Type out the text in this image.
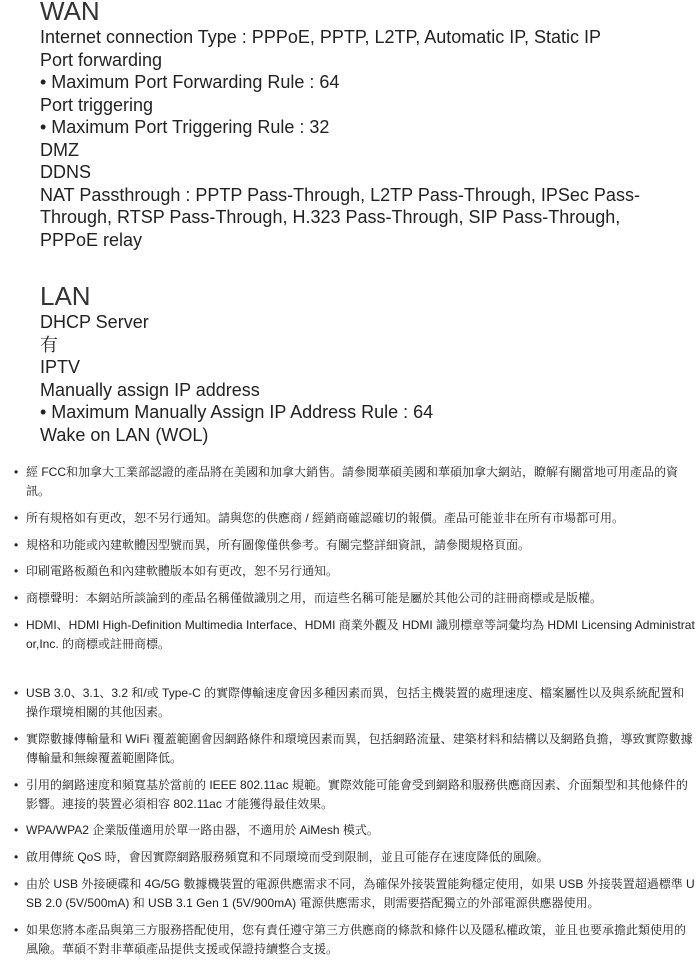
WAN
Internet connection Type : PPPoE, PPTP, L2TP, Automatic IP, Static IP
Port forwarding
• Maximum Port Forwarding Rule : 64
Port triggering
• Maximum Port Triggering Rule : 32
DMZ
DDNS
NAT Passthrough : PPTP Pass-Through, L2TP Pass-Through, IPSec Pass-Through, RTSP Pass-Through, H.323 Pass-Through, SIP Pass-Through, PPPoE relay
LAN
DHCP Server
有
IPTV
Manually assign IP address
• Maximum Manually Assign IP Address Rule : 64
Wake on LAN (WOL)
• 經 FCC和加拿大工業部認證的產品將在美國和加拿大銷售。請參閱華碩美國和華碩加拿大網站，瞭解有關當地可用產品的資訊。
• 所有規格如有更改，恕不另行通知。請與您的供應商 / 經銷商確認確切的報價。產品可能並非在所有市場都可用。
• 規格和功能或內建軟體因型號而異，所有圖像僅供參考。有關完整詳細資訊，請參閱規格頁面。
• 印刷電路板顏色和內建軟體版本如有更改，恕不另行通知。
• 商標聲明：本網站所談論到的產品名稱僅做識別之用，而這些名稱可能是屬於其他公司的註冊商標或是版權。
• HDMI、HDMI High-Definition Multimedia Interface、HDMI 商業外觀及 HDMI 識別標章等詞彙均為 HDMI Licensing Administrator,Inc. 的商標或註冊商標。
• USB 3.0、3.1、3.2 和/或 Type-C 的實際傳輸速度會因多種因素而異，包括主機裝置的處理速度、檔案屬性以及與系統配置和操作環境相關的其他因素。
• 實際數據傳輸量和 WiFi 覆蓋範圍會因網路條件和環境因素而異，包括網路流量、建築材料和結構以及網路負擔，導致實際數據傳輸量和無線覆蓋範圍降低。
• 引用的網路速度和頻寬基於當前的 IEEE 802.11ac 規範。實際效能可能會受到網路和服務供應商因素、介面類型和其他條件的影響。連接的裝置必須相容 802.11ac 才能獲得最佳效果。
• WPA/WPA2 企業版僅適用於單一路由器，不適用於 AiMesh 模式。
• 啟用傳統 QoS 時，會因實際網路服務頻寬和不同環境而受到限制，並且可能存在速度降低的風險。
• 由於 USB 外接硬碟和 4G/5G 數據機裝置的電源供應需求不同，為確保外接裝置能夠穩定使用，如果 USB 外接裝置超過標準 USB 2.0 (5V/500mA) 和 USB 3.1 Gen 1 (5V/900mA) 電源供應需求，則需要搭配獨立的外部電源供應器使用。
• 如果您將本產品與第三方服務搭配使用，您有責任遵守第三方供應商的條款和條件以及隱私權政策，並且也要承擔此類使用的風險。華碩不對非華碩產品提供支援或保證持續整合支援。
